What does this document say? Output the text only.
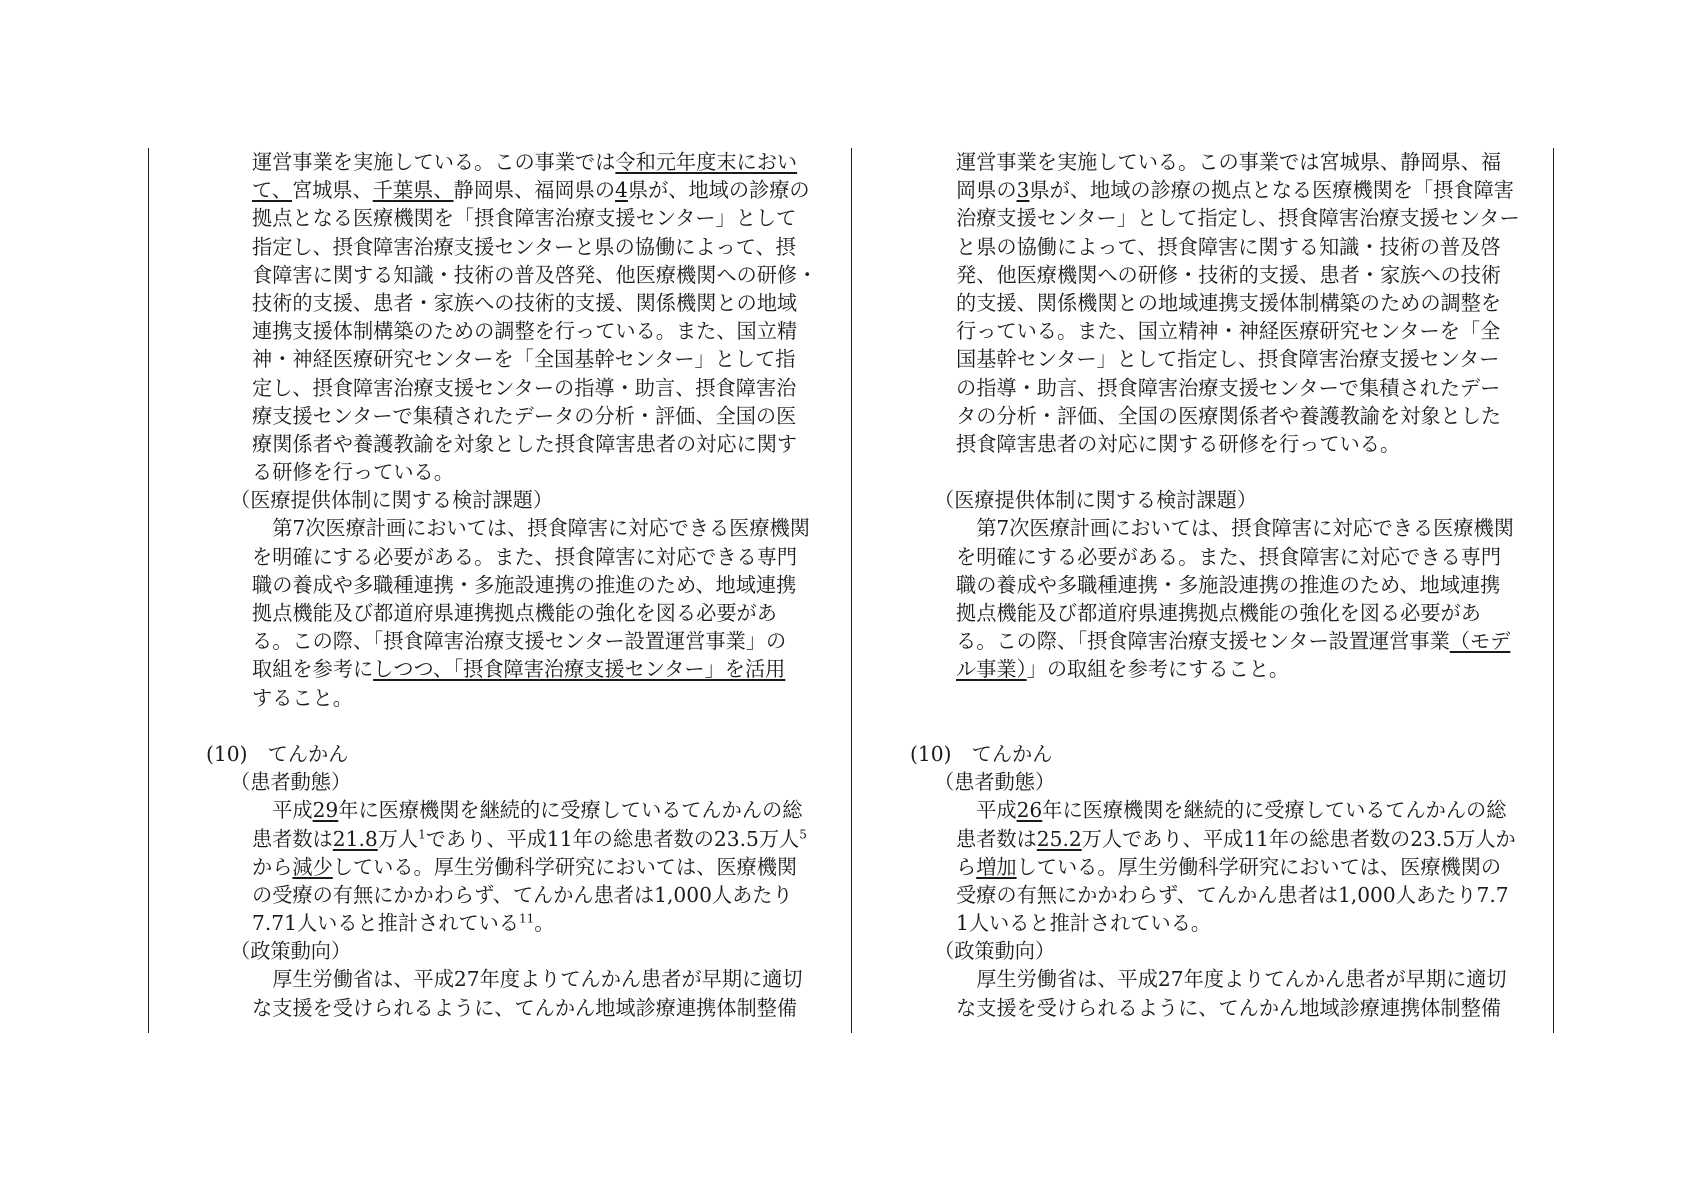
運営事業を実施している。この事業では令和元年度末におい
て、宮城県、千葉県、静岡県、福岡県の4県が、地域の診療の
拠点となる医療機関を「摂食障害治療支援センター」として
指定し、摂食障害治療支援センターと県の協働によって、摂
食障害に関する知識・技術の普及啓発、他医療機関への研修・
技術的支援、患者・家族への技術的支援、関係機関との地域
連携支援体制構築のための調整を行っている。また、国立精
神・神経医療研究センターを「全国基幹センター」として指
定し、摂食障害治療支援センターの指導・助言、摂食障害治
療支援センターで集積されたデータの分析・評価、全国の医
療関係者や養護教諭を対象とした摂食障害患者の対応に関す
る研修を行っている。
（医療提供体制に関する検討課題）
　第7次医療計画においては、摂食障害に対応できる医療機関
を明確にする必要がある。また、摂食障害に対応できる専門
職の養成や多職種連携・多施設連携の推進のため、地域連携
拠点機能及び都道府県連携拠点機能の強化を図る必要があ
る。この際、「摂食障害治療支援センター設置運営事業」の
取組を参考にしつつ、「摂食障害治療支援センター」を活用
すること。
(10)　てんかん
（患者動態）
　平成29年に医療機関を継続的に受療しているてんかんの総
患者数は21.8万人$^1$であり、平成11年の総患者数の23.5万人$^5$
から減少している。厚生労働科学研究においては、医療機関
の受療の有無にかかわらず、てんかん患者は1,000人あたり
7.71人いると推計されている$^{11}$。
（政策動向）
　厚生労働省は、平成27年度よりてんかん患者が早期に適切
な支援を受けられるように、てんかん地域診療連携体制整備
運営事業を実施している。この事業では宮城県、静岡県、福
岡県の3県が、地域の診療の拠点となる医療機関を「摂食障害
治療支援センター」として指定し、摂食障害治療支援センター
と県の協働によって、摂食障害に関する知識・技術の普及啓
発、他医療機関への研修・技術的支援、患者・家族への技術
的支援、関係機関との地域連携支援体制構築のための調整を
行っている。また、国立精神・神経医療研究センターを「全
国基幹センター」として指定し、摂食障害治療支援センター
の指導・助言、摂食障害治療支援センターで集積されたデー
タの分析・評価、全国の医療関係者や養護教諭を対象とした
摂食障害患者の対応に関する研修を行っている。
（医療提供体制に関する検討課題）
　第7次医療計画においては、摂食障害に対応できる医療機関
を明確にする必要がある。また、摂食障害に対応できる専門
職の養成や多職種連携・多施設連携の推進のため、地域連携
拠点機能及び都道府県連携拠点機能の強化を図る必要があ
る。この際、「摂食障害治療支援センター設置運営事業（モデ
ル事業）」の取組を参考にすること。
(10)　てんかん
（患者動態）
　平成26年に医療機関を継続的に受療しているてんかんの総
患者数は25.2万人であり、平成11年の総患者数の23.5万人か
ら増加している。厚生労働科学研究においては、医療機関の
受療の有無にかかわらず、てんかん患者は1,000人あたり7.7
1人いると推計されている。
（政策動向）
　厚生労働省は、平成27年度よりてんかん患者が早期に適切
な支援を受けられるように、てんかん地域診療連携体制整備
